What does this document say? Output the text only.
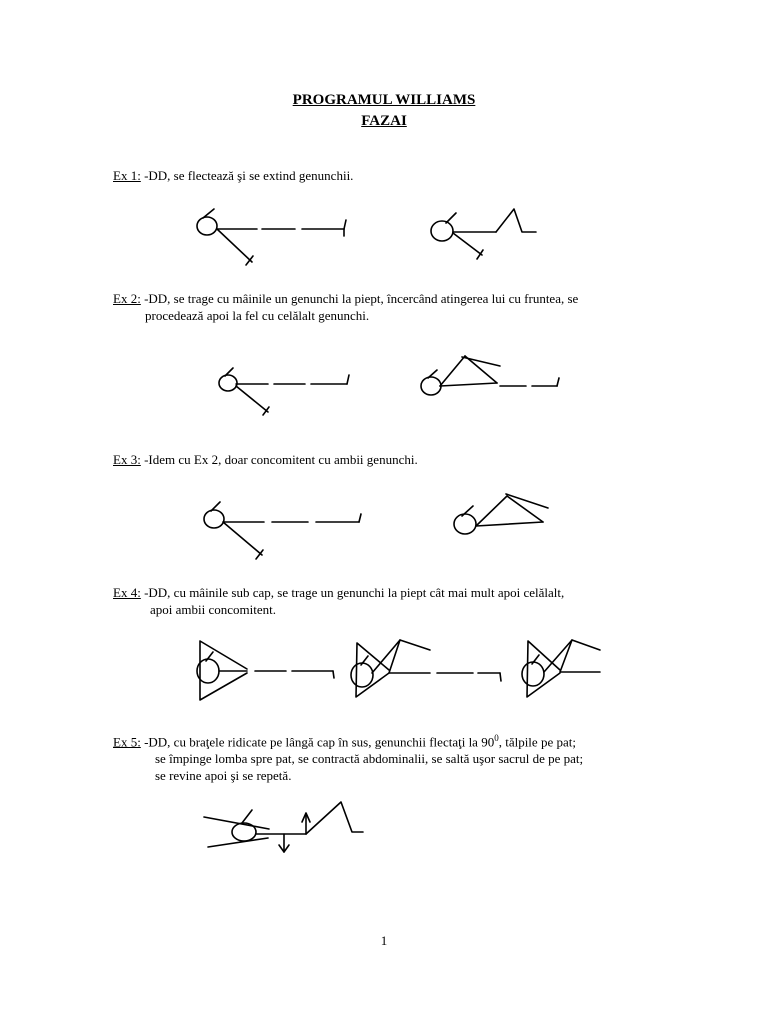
PROGRAMUL WILLIAMS
FAZAI
Ex 1: -DD, se flectează şi se extind genunchii.
Ex 2: -DD, se trage cu mâinile un genunchi la piept, încercând atingerea lui cu fruntea, se
procedează apoi la fel cu celălalt genunchi.
Ex 3: -Idem cu Ex 2, doar concomitent cu ambii genunchi.
Ex 4: -DD, cu mâinile sub cap, se trage un genunchi la piept cât mai mult apoi celălalt,
apoi ambii concomitent.
Ex 5: -DD, cu braţele ridicate pe lângă cap în sus, genunchii flectaţi la $90^0$, tălpile pe pat;
se împinge lomba spre pat, se contractă abdominalii, se saltă uşor sacrul de pe pat;
se revine apoi şi se repetă.
1
